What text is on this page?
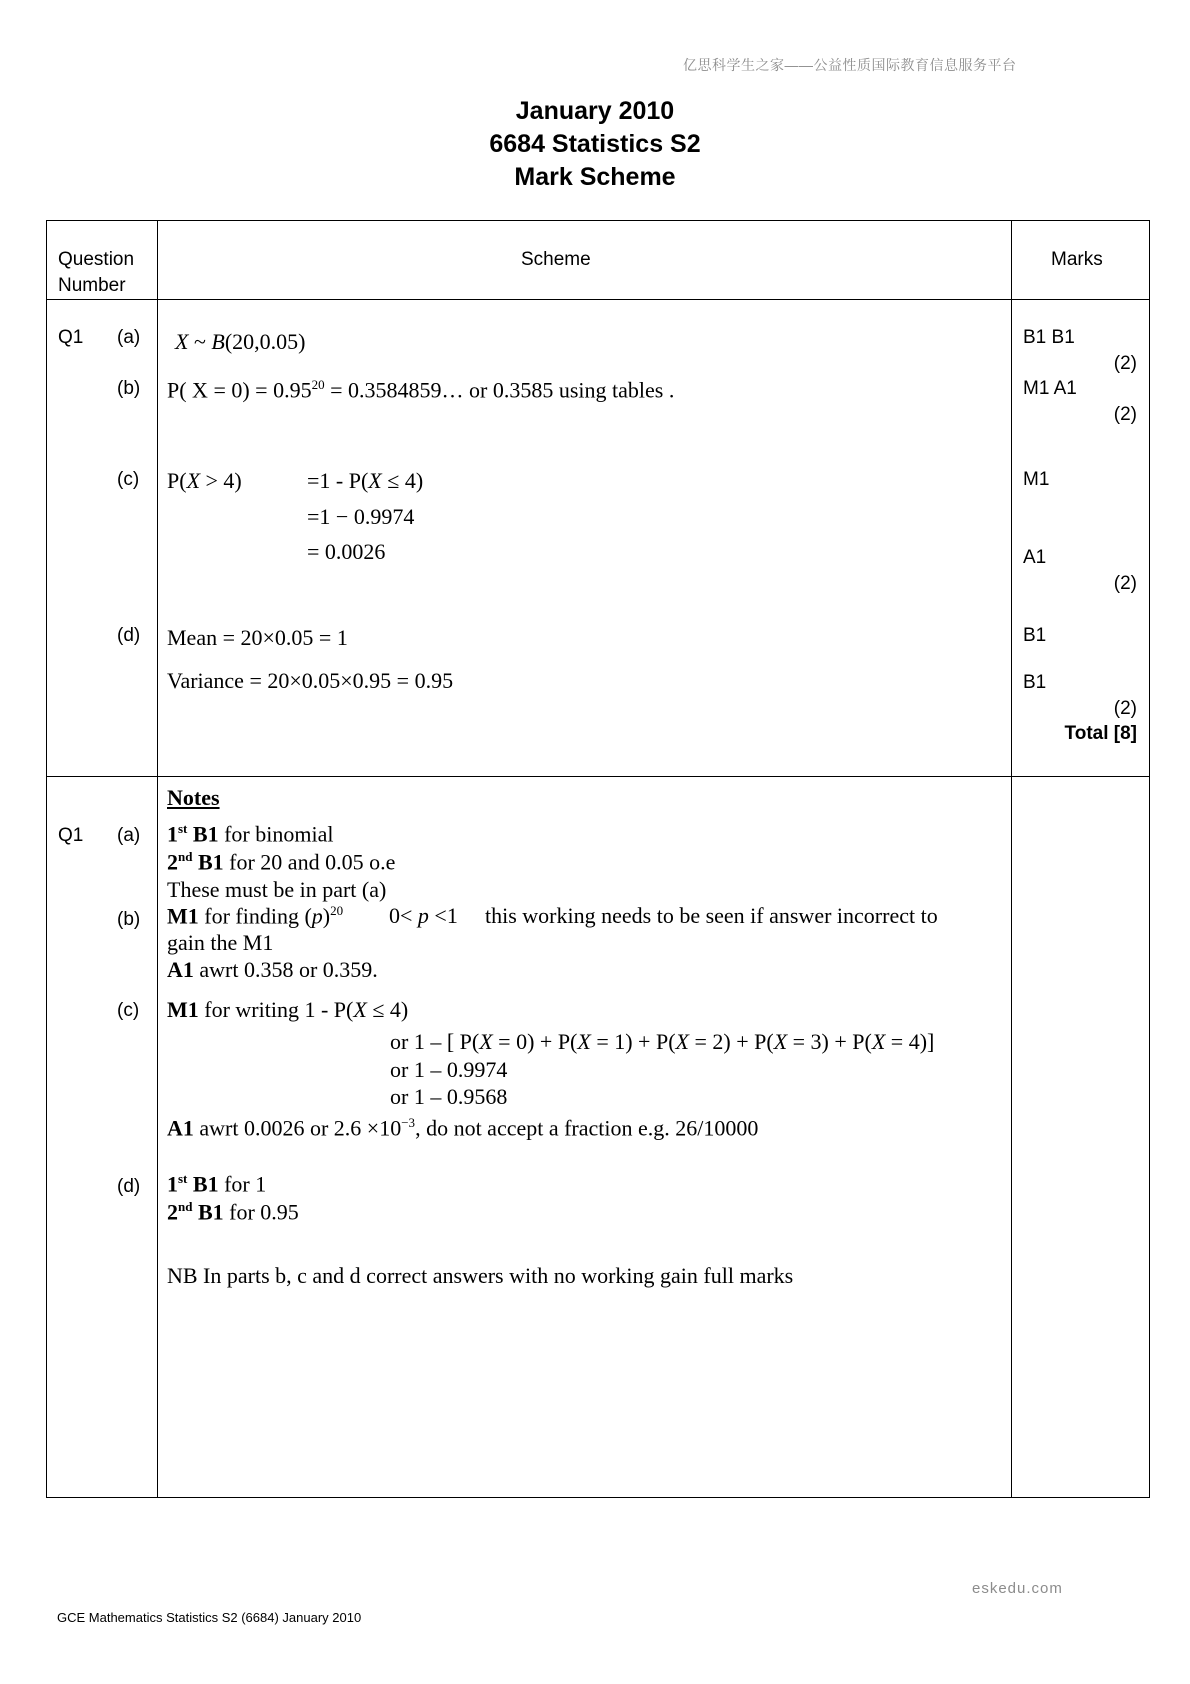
亿思科学生之家——公益性质国际教育信息服务平台
January 2010
6684 Statistics S2
Mark Scheme
Question
Number
Scheme	Marks
Q1 (a)
(b)
(c)
(d)
X ~ B(20,0.05)
P( $X = 0) = 0.95^{20}$ = 0.3584859… or 0.3585 using tables .
P(X > 4)	=1 - P(X ≤ 4)
=1 − 0.9974
= 0.0026
Mean = 20×0.05 = 1
Variance = 20×0.05×0.95 = 0.95
B1 B1
(2)
M1 A1
(2)
M1
A1
(2)
B1
B1
(2)
Total [8]
Q1 (a)
(b)
(c)
(d)
Notes
1st B1 for binomial
2nd B1 for 20 and 0.05 o.e
These must be in part (a)
M1 for finding $(p)^{20}$ 0< p <1 this working needs to be seen if answer incorrect to
gain the M1
A1 awrt 0.358 or 0.359.
M1 for writing 1 - P(X ≤ 4)
or 1 – [ P(X = 0) + P(X = 1) + P(X = 2) + P(X = 3) + P(X = 4)]
or 1 – 0.9974
or 1 – 0.9568
A1 awrt 0.0026 or $2.6 \times 10^{-3}$, do not accept a fraction e.g. 26/10000
1st B1 for 1
2nd B1 for 0.95
NB In parts b, c and d correct answers with no working gain full marks
eskedu.com
GCE Mathematics Statistics S2 (6684) January 2010
